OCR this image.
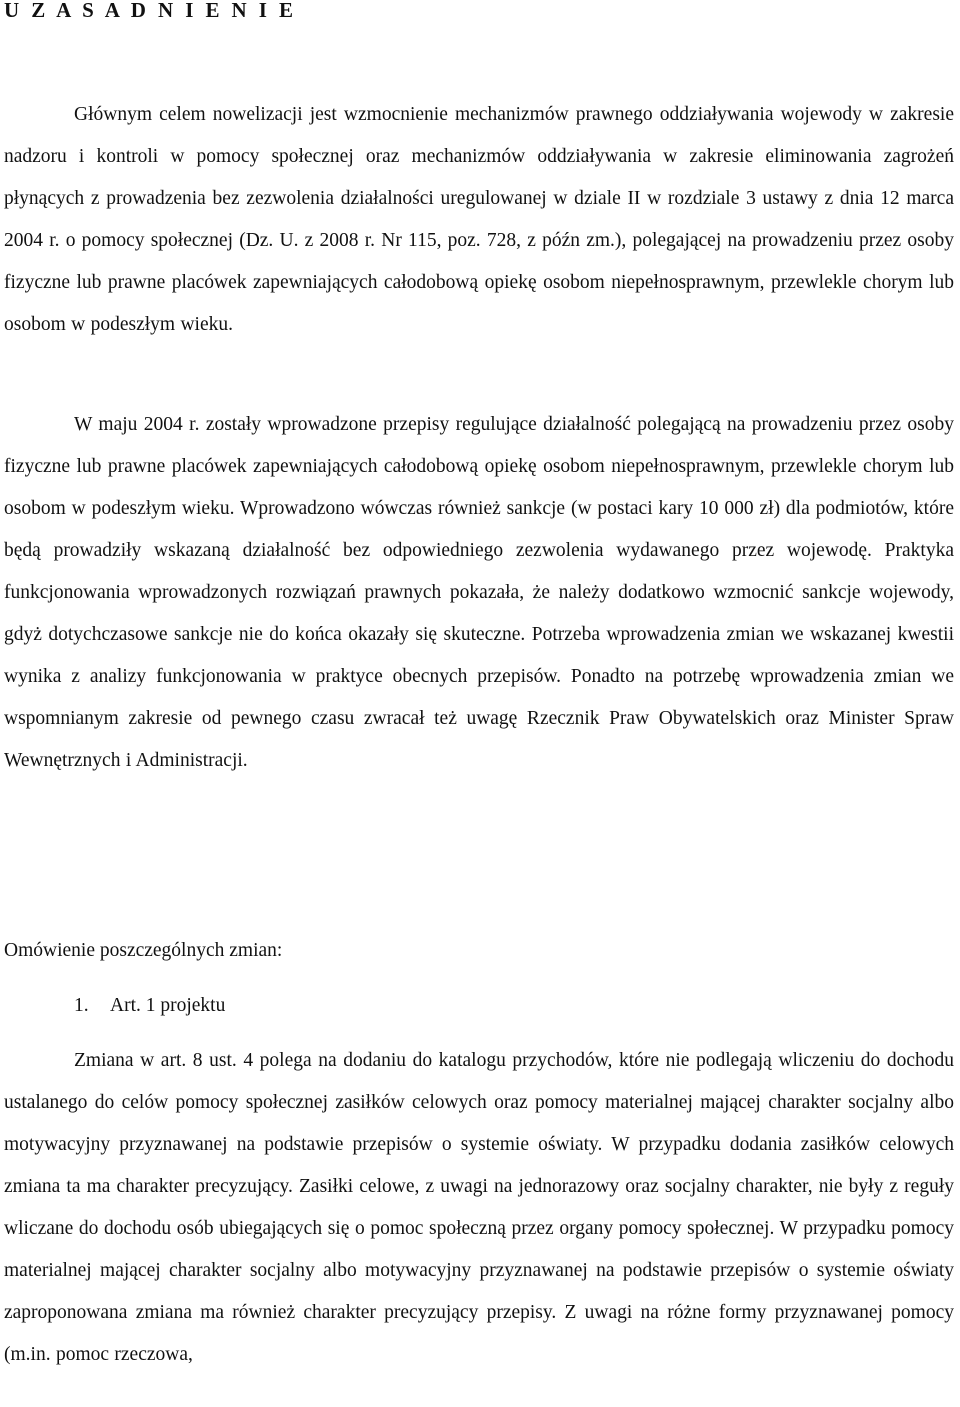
U Z A S A D N I E N I E

Głównym celem nowelizacji jest wzmocnienie mechanizmów prawnego oddziaływania wojewody w zakresie nadzoru i kontroli w pomocy społecznej oraz mechanizmów oddziaływania w zakresie eliminowania zagrożeń płynących z prowadzenia bez zezwolenia działalności uregulowanej w dziale II w rozdziale 3 ustawy z dnia 12 marca 2004 r. o pomocy społecznej (Dz. U. z 2008 r. Nr 115, poz. 728, z późn zm.), polegającej na prowadzeniu przez osoby fizyczne lub prawne placówek zapewniających całodobową opiekę osobom niepełnosprawnym, przewlekle chorym lub osobom w podeszłym wieku.

W maju 2004 r. zostały wprowadzone przepisy regulujące działalność polegającą na prowadzeniu przez osoby fizyczne lub prawne placówek zapewniających całodobową opiekę osobom niepełnosprawnym, przewlekle chorym lub osobom w podeszłym wieku. Wprowadzono wówczas również sankcje (w postaci kary 10 000 zł) dla podmiotów, które będą prowadziły wskazaną działalność bez odpowiedniego zezwolenia wydawanego przez wojewodę. Praktyka funkcjonowania wprowadzonych rozwiązań prawnych pokazała, że należy dodatkowo wzmocnić sankcje wojewody, gdyż dotychczasowe sankcje nie do końca okazały się skuteczne. Potrzeba wprowadzenia zmian we wskazanej kwestii wynika z analizy funkcjonowania w praktyce obecnych przepisów. Ponadto na potrzebę wprowadzenia zmian we wspomnianym zakresie od pewnego czasu zwracał też uwagę Rzecznik Praw Obywatelskich oraz Minister Spraw Wewnętrznych i Administracji.

Omówienie poszczególnych zmian:

1. Art. 1 projektu

Zmiana w art. 8 ust. 4 polega na dodaniu do katalogu przychodów, które nie podlegają wliczeniu do dochodu ustalanego do celów pomocy społecznej zasiłków celowych oraz pomocy materialnej mającej charakter socjalny albo motywacyjny przyznawanej na podstawie przepisów o systemie oświaty. W przypadku dodania zasiłków celowych zmiana ta ma charakter precyzujący. Zasiłki celowe, z uwagi na jednorazowy oraz socjalny charakter, nie były z reguły wliczane do dochodu osób ubiegających się o pomoc społeczną przez organy pomocy społecznej. W przypadku pomocy materialnej mającej charakter socjalny albo motywacyjny przyznawanej na podstawie przepisów o systemie oświaty zaproponowana zmiana ma również charakter precyzujący przepisy. Z uwagi na różne formy przyznawanej pomocy (m.in. pomoc rzeczowa,
